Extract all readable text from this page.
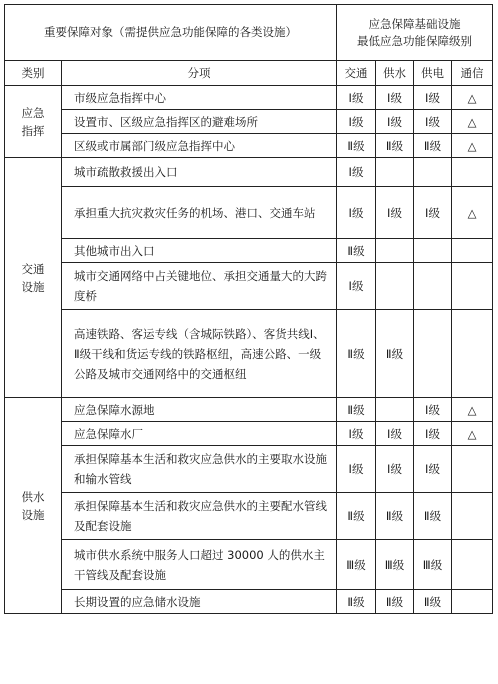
重要保障对象（需提供应急功能保障的各类设施）		应急保障基础设施
最低应急功能保障级别			

类别	分项	交通	供水	供电	通信
应急
指挥	市级应急指挥中心	Ⅰ级	Ⅰ级	Ⅰ级	△
	设置市、区级应急指挥区的避难场所	Ⅰ级	Ⅰ级	Ⅰ级	△
	区级或市属部门级应急指挥中心	Ⅱ级	Ⅱ级	Ⅱ级	△
交通
设施	城市疏散救援出入口	Ⅰ级			
	承担重大抗灾救灾任务的机场、港口、交通车站	Ⅰ级	Ⅰ级	Ⅰ级	△
	其他城市出入口	Ⅱ级			
	城市交通网络中占关键地位、承担交通量大的大跨度桥	Ⅰ级			
	高速铁路、客运专线（含城际铁路）、客货共线Ⅰ、Ⅱ级干线和货运专线的铁路枢纽，高速公路、一级公路及城市交通网络中的交通枢纽	Ⅱ级	Ⅱ级		
供水
设施	应急保障水源地	Ⅱ级		Ⅰ级	△
	应急保障水厂	Ⅰ级	Ⅰ级	Ⅰ级	△
	承担保障基本生活和救灾应急供水的主要取水设施和输水管线	Ⅰ级	Ⅰ级	Ⅰ级	
	承担保障基本生活和救灾应急供水的主要配水管线及配套设施	Ⅱ级	Ⅱ级	Ⅱ级	
	城市供水系统中服务人口超过 30000 人的供水主干管线及配套设施	Ⅲ级	Ⅲ级	Ⅲ级	
	长期设置的应急储水设施	Ⅱ级	Ⅱ级	Ⅱ级	
